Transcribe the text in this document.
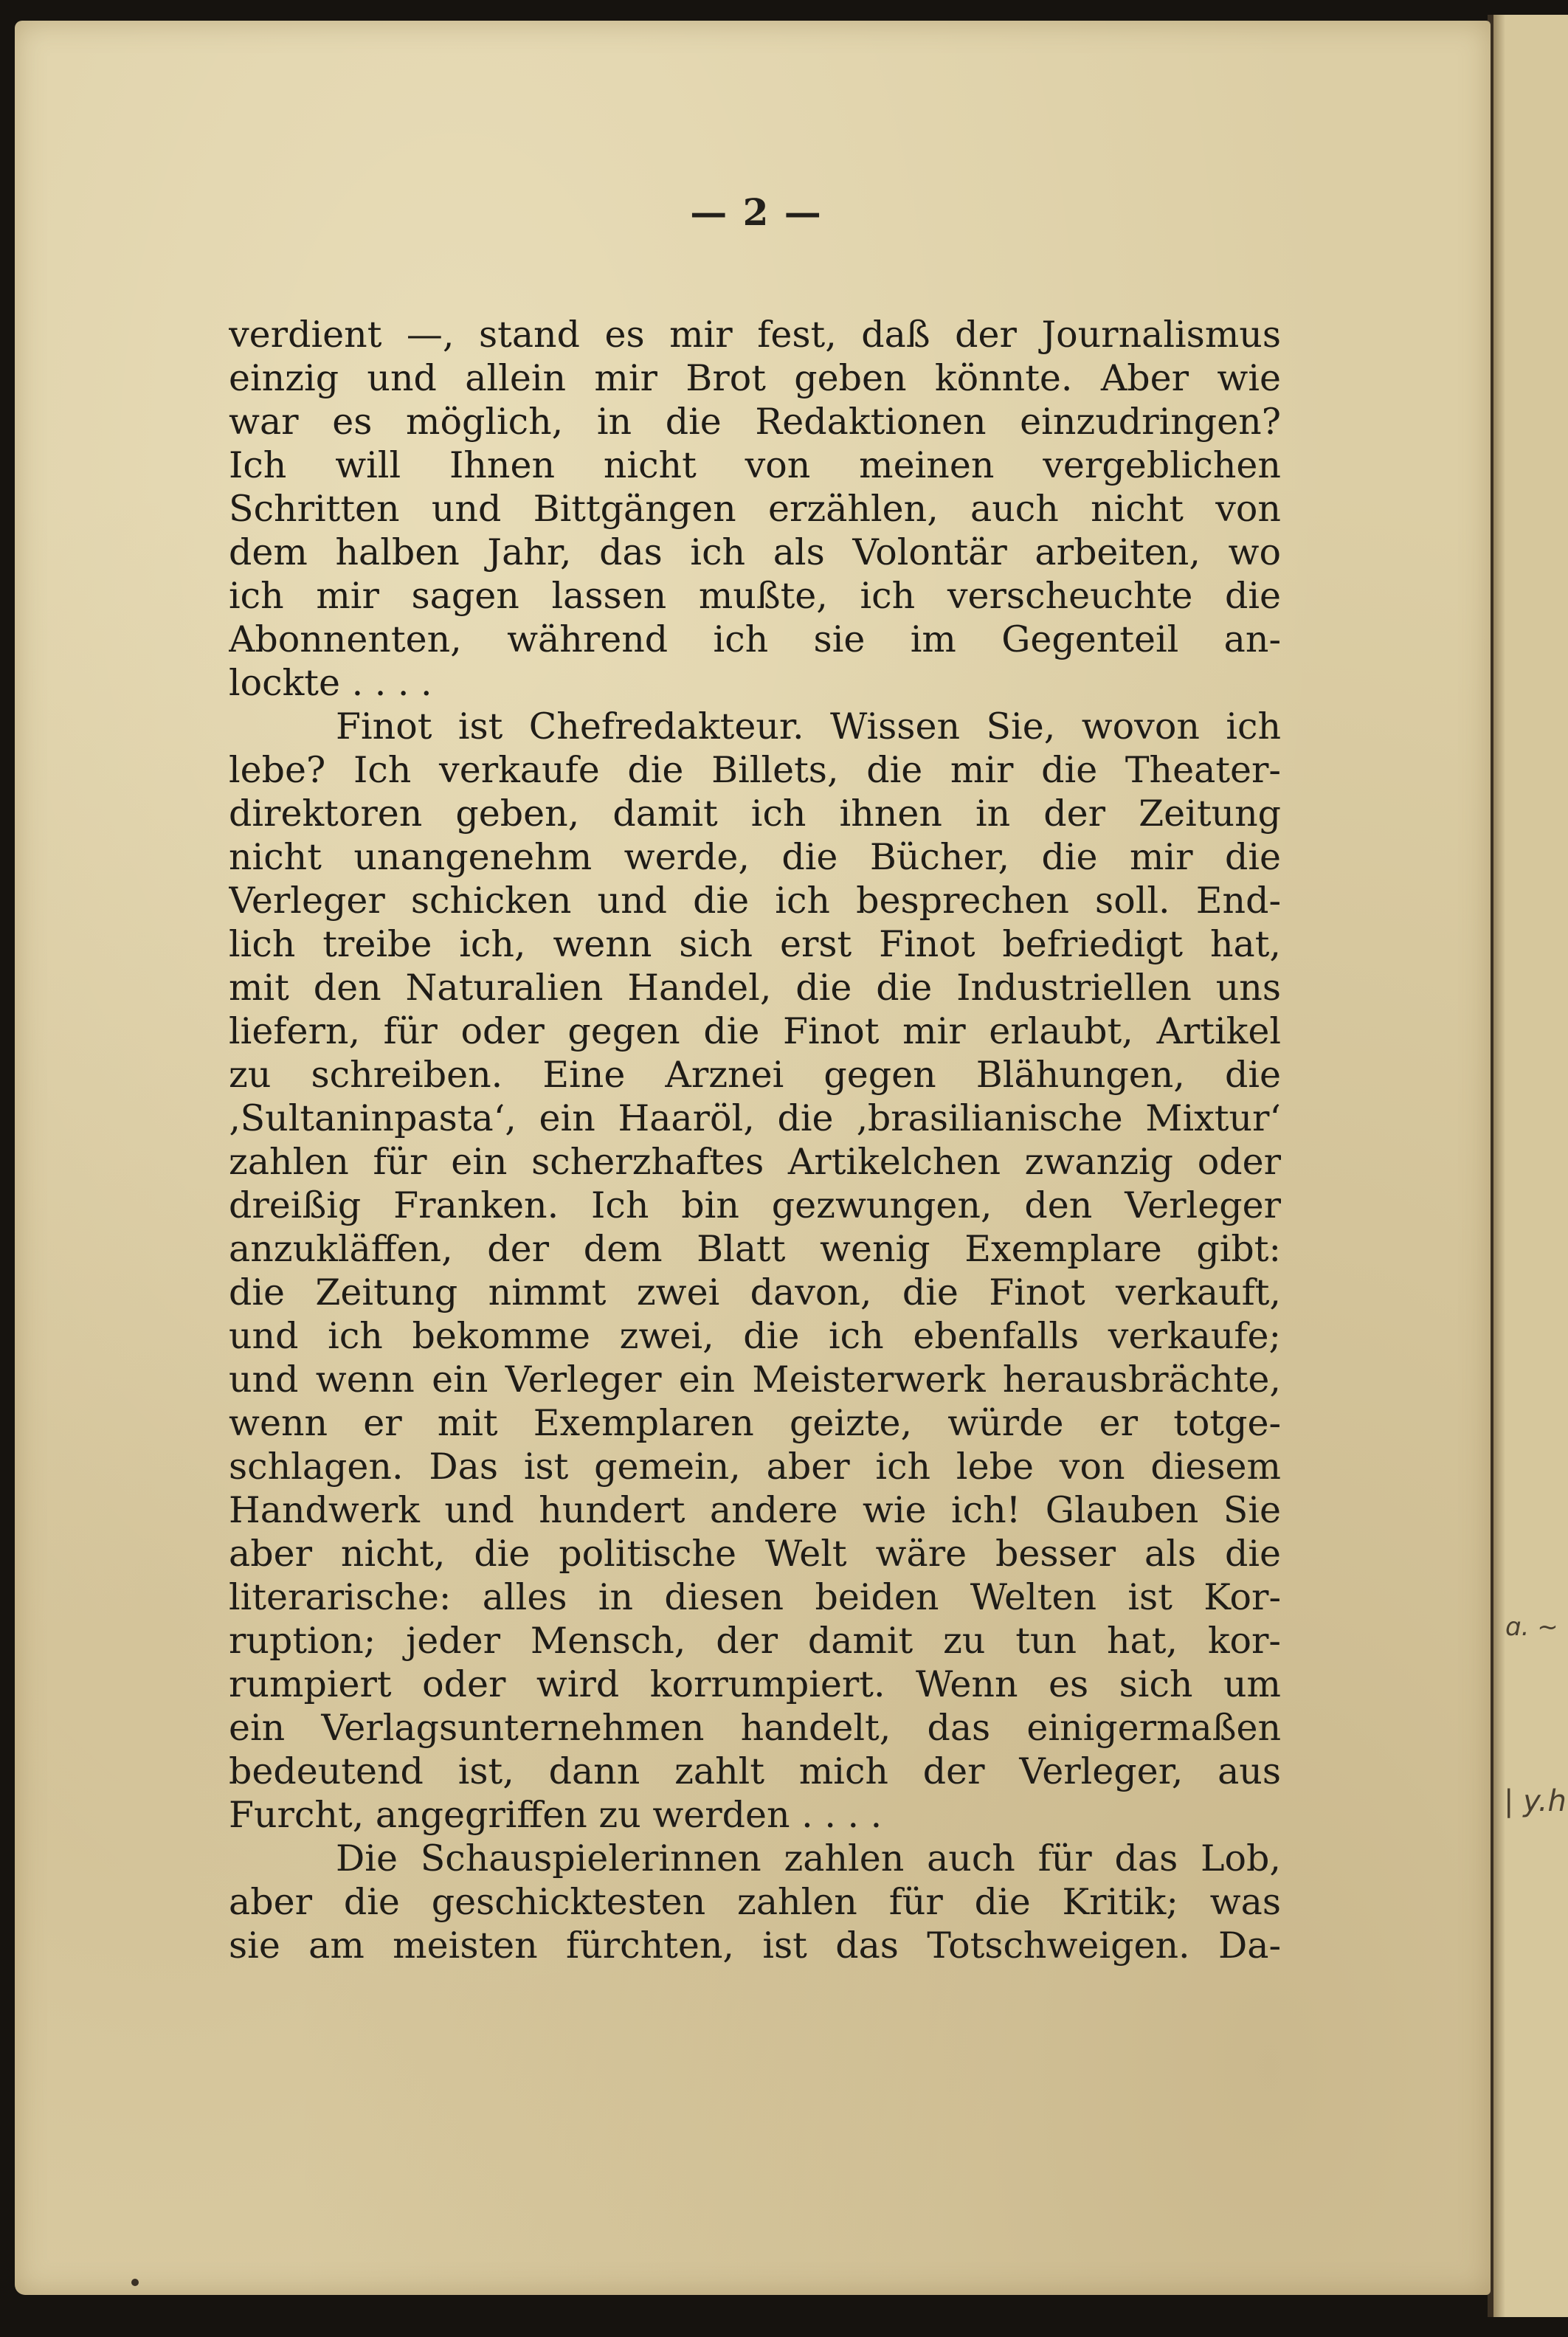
ɑ. ~
| y.h
— 2 —
verdient —, stand es mir fest, daß der Journalismus
einzig und allein mir Brot geben könnte. Aber wie
war es möglich, in die Redaktionen einzudringen?
Ich will Ihnen nicht von meinen vergeblichen
Schritten und Bittgängen erzählen, auch nicht von
dem halben Jahr, das ich als Volontär arbeiten, wo
ich mir sagen lassen mußte, ich verscheuchte die
Abonnenten, während ich sie im Gegenteil an-
lockte . . . .
Finot ist Chefredakteur. Wissen Sie, wovon ich
lebe? Ich verkaufe die Billets, die mir die Theater-
direktoren geben, damit ich ihnen in der Zeitung
nicht unangenehm werde, die Bücher, die mir die
Verleger schicken und die ich besprechen soll. End-
lich treibe ich, wenn sich erst Finot befriedigt hat,
mit den Naturalien Handel, die die Industriellen uns
liefern, für oder gegen die Finot mir erlaubt, Artikel
zu schreiben. Eine Arznei gegen Blähungen, die
‚Sultaninpasta‘, ein Haaröl, die ‚brasilianische Mixtur‘
zahlen für ein scherzhaftes Artikelchen zwanzig oder
dreißig Franken. Ich bin gezwungen, den Verleger
anzukläffen, der dem Blatt wenig Exemplare gibt:
die Zeitung nimmt zwei davon, die Finot verkauft,
und ich bekomme zwei, die ich ebenfalls verkaufe;
und wenn ein Verleger ein Meisterwerk herausbrächte,
wenn er mit Exemplaren geizte, würde er totge-
schlagen. Das ist gemein, aber ich lebe von diesem
Handwerk und hundert andere wie ich! Glauben Sie
aber nicht, die politische Welt wäre besser als die
literarische: alles in diesen beiden Welten ist Kor-
ruption; jeder Mensch, der damit zu tun hat, kor-
rumpiert oder wird korrumpiert. Wenn es sich um
ein Verlagsunternehmen handelt, das einigermaßen
bedeutend ist, dann zahlt mich der Verleger, aus
Furcht, angegriffen zu werden . . . .
Die Schauspielerinnen zahlen auch für das Lob,
aber die geschicktesten zahlen für die Kritik; was
sie am meisten fürchten, ist das Totschweigen. Da-
